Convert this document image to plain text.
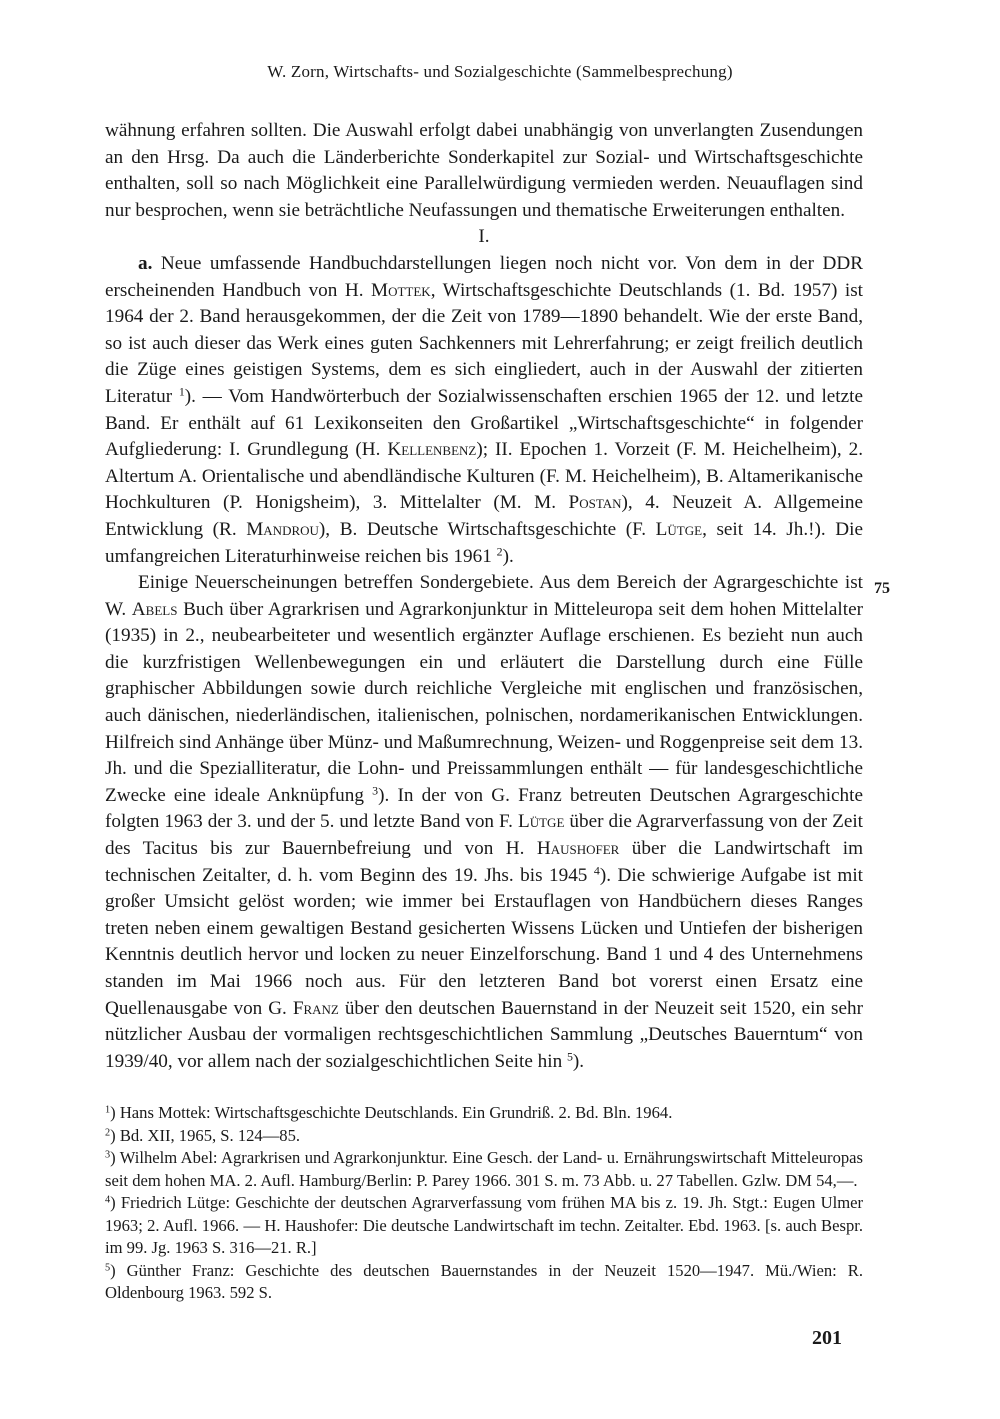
W. Zorn, Wirtschafts- und Sozialgeschichte (Sammelbesprechung)

wähnung erfahren sollten. Die Auswahl erfolgt dabei unabhängig von unverlangten Zusendungen an den Hrsg. Da auch die Länderberichte Sonderkapitel zur Sozial- und Wirtschaftsgeschichte enthalten, soll so nach Möglichkeit eine Parallelwürdigung vermieden werden. Neuauflagen sind nur besprochen, wenn sie beträchtliche Neufassungen und thematische Erweiterungen enthalten.

I.

a. Neue umfassende Handbuchdarstellungen liegen noch nicht vor. Von dem in der DDR erscheinenden Handbuch von H. Mottek, Wirtschaftsgeschichte Deutschlands (1. Bd. 1957) ist 1964 der 2. Band herausgekommen, der die Zeit von 1789—1890 behandelt. Wie der erste Band, so ist auch dieser das Werk eines guten Sachkenners mit Lehrerfahrung; er zeigt freilich deutlich die Züge eines geistigen Systems, dem es sich eingliedert, auch in der Auswahl der zitierten Literatur $^1$). — Vom Handwörterbuch der Sozialwissenschaften erschien 1965 der 12. und letzte Band. Er enthält auf 61 Lexikonseiten den Großartikel „Wirtschaftsgeschichte“ in folgender Aufgliederung: I. Grundlegung (H. Kellenbenz); II. Epochen 1. Vorzeit (F. M. Heichelheim), 2. Altertum A. Orientalische und abendländische Kulturen (F. M. Heichelheim), B. Altamerikanische Hochkulturen (P. Honigsheim), 3. Mittelalter (M. M. Postan), 4. Neuzeit A. Allgemeine Entwicklung (R. Mandrou), B. Deutsche Wirtschaftsgeschichte (F. Lütge, seit 14. Jh.!). Die umfangreichen Literaturhinweise reichen bis 1961 $^2$).

Einige Neuerscheinungen betreffen Sondergebiete. Aus dem Bereich der Agrargeschichte ist W. Abels Buch über Agrarkrisen und Agrarkonjunktur in Mitteleuropa seit dem hohen Mittelalter (1935) in 2., neubearbeiteter und wesentlich ergänzter Auflage erschienen. Es bezieht nun auch die kurzfristigen Wellenbewegungen ein und erläutert die Darstellung durch eine Fülle graphischer Abbildungen sowie durch reichliche Vergleiche mit englischen und französischen, auch dänischen, niederländischen, italienischen, polnischen, nordamerikanischen Entwicklungen. Hilfreich sind Anhänge über Münz- und Maßumrechnung, Weizen- und Roggenpreise seit dem 13. Jh. und die Spezialliteratur, die Lohn- und Preissammlungen enthält — für landesgeschichtliche Zwecke eine ideale Anknüpfung $^3$). In der von G. Franz betreuten Deutschen Agrargeschichte folgten 1963 der 3. und der 5. und letzte Band von F. Lütge über die Agrarverfassung von der Zeit des Tacitus bis zur Bauernbefreiung und von H. Haushofer über die Landwirtschaft im technischen Zeitalter, d. h. vom Beginn des 19. Jhs. bis 1945 $^4$). Die schwierige Aufgabe ist mit großer Umsicht gelöst worden; wie immer bei Erstauflagen von Handbüchern dieses Ranges treten neben einem gewaltigen Bestand gesicherten Wissens Lücken und Untiefen der bisherigen Kenntnis deutlich hervor und locken zu neuer Einzelforschung. Band 1 und 4 des Unternehmens standen im Mai 1966 noch aus. Für den letzteren Band bot vorerst einen Ersatz eine Quellenausgabe von G. Franz über den deutschen Bauernstand in der Neuzeit seit 1520, ein sehr nützlicher Ausbau der vormaligen rechtsgeschichtlichen Sammlung „Deutsches Bauerntum“ von 1939/40, vor allem nach der sozialgeschichtlichen Seite hin $^5$).

75

$^1$) Hans Mottek: Wirtschaftsgeschichte Deutschlands. Ein Grundriß. 2. Bd. Bln. 1964.

$^2$) Bd. XII, 1965, S. 124—85.

$^3$) Wilhelm Abel: Agrarkrisen und Agrarkonjunktur. Eine Gesch. der Land- u. Ernährungswirtschaft Mitteleuropas seit dem hohen MA. 2. Aufl. Hamburg/Berlin: P. Parey 1966. 301 S. m. 73 Abb. u. 27 Tabellen. Gzlw. DM 54,—.

$^4$) Friedrich Lütge: Geschichte der deutschen Agrarverfassung vom frühen MA bis z. 19. Jh. Stgt.: Eugen Ulmer 1963; 2. Aufl. 1966. — H. Haushofer: Die deutsche Landwirtschaft im techn. Zeitalter. Ebd. 1963. [s. auch Bespr. im 99. Jg. 1963 S. 316—21. R.]

$^5$) Günther Franz: Geschichte des deutschen Bauernstandes in der Neuzeit 1520—1947. Mü./Wien: R. Oldenbourg 1963. 592 S.

201
